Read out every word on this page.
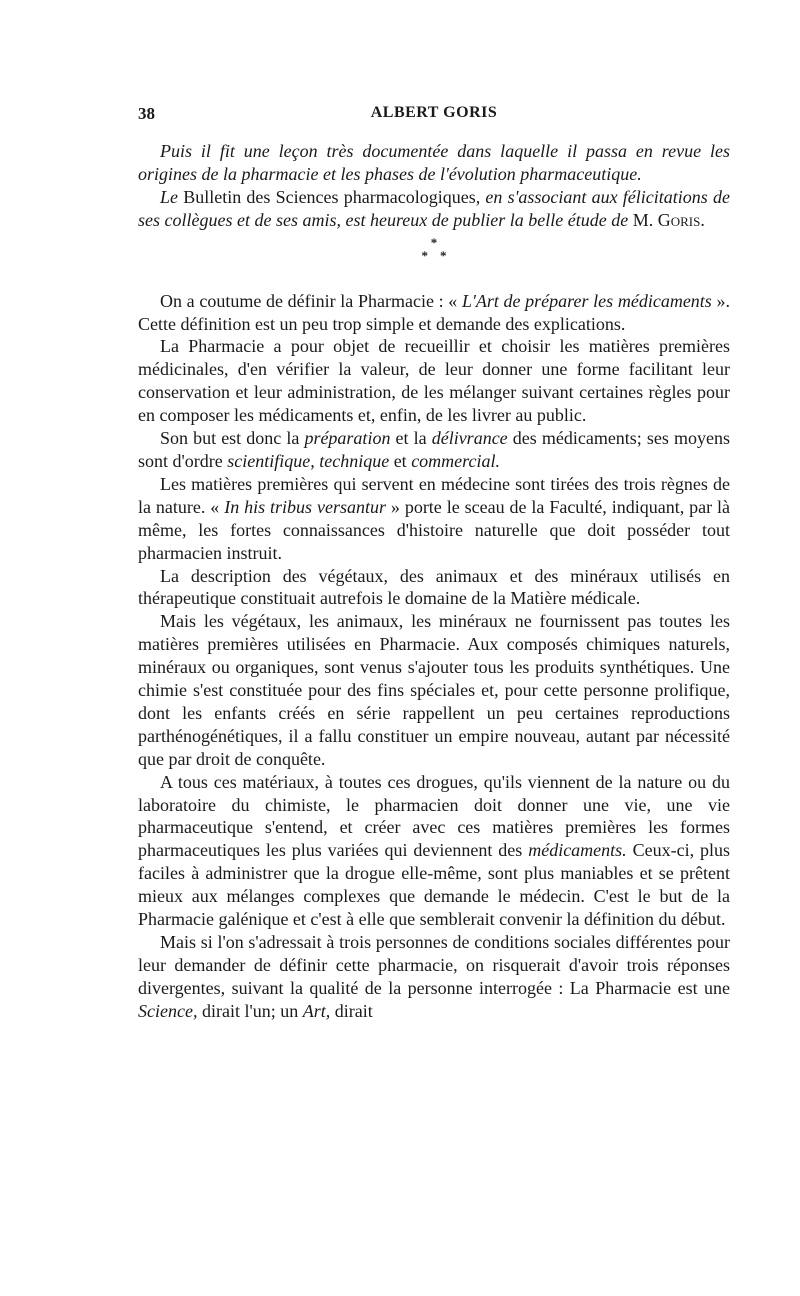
38	ALBERT GORIS

Puis il fit une leçon très documentée dans laquelle il passa en revue les origines de la pharmacie et les phases de l'évolution pharmaceutique.

Le Bulletin des Sciences pharmacologiques, en s'associant aux félicitations de ses collègues et de ses amis, est heureux de publier la belle étude de M. Goris.

*
**

On a coutume de définir la Pharmacie : « L'Art de préparer les médicaments ». Cette définition est un peu trop simple et demande des explications.

La Pharmacie a pour objet de recueillir et choisir les matières premières médicinales, d'en vérifier la valeur, de leur donner une forme facilitant leur conservation et leur administration, de les mélanger suivant certaines règles pour en composer les médicaments et, enfin, de les livrer au public.

Son but est donc la préparation et la délivrance des médicaments; ses moyens sont d'ordre scientifique, technique et commercial.

Les matières premières qui servent en médecine sont tirées des trois règnes de la nature. « In his tribus versantur » porte le sceau de la Faculté, indiquant, par là même, les fortes connaissances d'histoire naturelle que doit posséder tout pharmacien instruit.

La description des végétaux, des animaux et des minéraux utilisés en thérapeutique constituait autrefois le domaine de la Matière médicale.

Mais les végétaux, les animaux, les minéraux ne fournissent pas toutes les matières premières utilisées en Pharmacie. Aux composés chimiques naturels, minéraux ou organiques, sont venus s'ajouter tous les produits synthétiques. Une chimie s'est constituée pour des fins spéciales et, pour cette personne prolifique, dont les enfants créés en série rappellent un peu certaines reproductions parthénogénétiques, il a fallu constituer un empire nouveau, autant par nécessité que par droit de conquête.

A tous ces matériaux, à toutes ces drogues, qu'ils viennent de la nature ou du laboratoire du chimiste, le pharmacien doit donner une vie, une vie pharmaceutique s'entend, et créer avec ces matières premières les formes pharmaceutiques les plus variées qui deviennent des médicaments. Ceux-ci, plus faciles à administrer que la drogue elle-même, sont plus maniables et se prêtent mieux aux mélanges complexes que demande le médecin. C'est le but de la Pharmacie galénique et c'est à elle que semblerait convenir la définition du début.

Mais si l'on s'adressait à trois personnes de conditions sociales différentes pour leur demander de définir cette pharmacie, on risquerait d'avoir trois réponses divergentes, suivant la qualité de la personne interrogée : La Pharmacie est une Science, dirait l'un; un Art, dirait
